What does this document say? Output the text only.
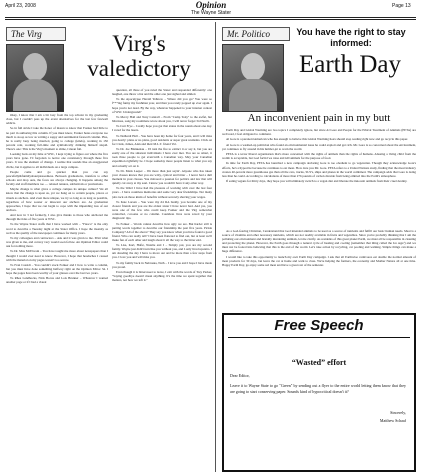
April 23, 2008	Opinion
The Wayne Stater
Page 13
The Virg	Virg's valedictory

Okay, I know that I am a bit lazy from the top scholar in my graduating class, but I couldn't pass up the event alternatives for the last few farewell addicts.

So in full stride I take the honor of maren to know that Fonker had little to no part in authoring this column. If you must know, Fonker hates everyone too much to stoop as low as writing a sappy and sentimental farewell column. Plus, he is really busy being married, going to college (kinda), working in 150 percent rent, working full-time and symbolically drinking himself stupid. There's one: This is the Virg's moment to shine, I mean fail.

Looking back on my time at WSC, I kept trying to figure out where the five years have gone. I'd forgotten to notice one consistency through these five years. It was the element of change. I realize that sounds like an exaggerated cliche, but it applies to all individuals on a large campus.

People come and go quicker than you can say peacefully&funnilyaboutpleasedness. Between graduations, transfers to other schools and drop outs, the faces are always changing. It happens among the faculty and staff members too — relaxed tenures, sabbaticals or promotions.

Maybe change is what gives a college campus its unique culture? We all know that the change is upon us, yet we hang on to certain people, places or rituals as anchors. And even more unique, we try so long as as long as possible, regardless of how sooner or innocent our anchors are. As graduation approaches, I hope that we can begin to cope with the impending loss of our anchors.

And now in 3 led formerly, I also give thanks to those who anchored me through the tides of five years at WSC.

To the Wayne Stater staffs that I have worked with – "Fiasco" is the only word to describe a Tuesday night at the Stater Office. I hope the insanity as well as the quality of the newspaper continues for many years.

To my colleagues and contractors – Ask and it was given to me. Print what was given to me, and convey very would soon follow. An Opinion Editor could ask for nothing more.

To Dr. Max McElwain – You have taught me more about newspapers than I thought I would ever need to know. However, I hope that headaches I caused with the material on my pages weren't too severe.

To Fran Cassidi – You couldn't stock Fonker and I how to write a column, but you must have done something halfway right on the Opinion Editor 34. I hope the pages have been worthy of your glasses over the last two years.

To Rhea Landhocks, Nick Bocus and Lois Brunner – Whatever I wanted another page or if I had a visual

question, all three of you ruled the Stater and responded differently: one laughed, one threw a hat and the other one just sighed and smiled.

To the Apocalypse Herald Yehnow – Where did you go? You were so f***ing funny my freshman year, and then you rarely popped up ever again. I hope you're not dead. By the way, whatever happened to your internet contest of WSC Underground?

To Mercy Hall and Tony Cantrell – From "Camp Tony" to the awful, but hilarious, song my roommate wrote about you, I will never forget 3rd North.

To Curt Frye – I really hope you got that status in the round-about one day. I voted for the lasers.

To Neihardt Hall – You have been my home for four years, and I will miss you dearly: plans or no plans, good residents or super great residents. Click on for Clark, James, Alan and their M.L.T. friend Val.

To Dr. Joe Blankenau – I'd turn the fire to extinct it or say it, but you are easily one of the smartest individuals I have ever met. You are so smart, it took three people to get even/with a Canadian way. May your Canadian expedition rightfully be. I hope someday more people listen to what you say and actually act on it.

To Dr. Mark Leeper – I'm more than just sayin'. Anyone who has taken your classes knows that you are witty, cynical and bitter – I never had a dull moment in your classes. You mirrored a passion for politics and law that will quietly cut away at my soul. I know you wouldn't have it any other way.

To the WAO I have had the pleasure of working with over the last four years – I have countless memories and some very dear friendships. Not many jobs tack on those kinds of benefits without severely shaving your wages.

To Kate Larsen – You were my #4 RA buddy, you became one of my closest friends and you are the oldest sister I have never had. And yes, you were one of the few who could keep Fonker and the Virg somewhat controlled, col-sane or no column. Countless lives were saved by your diagnostic tips.

To Fonker – Words cannot describe how ugly we are. But harder still is putting words together to describe our friendship the past five years. Pickle Company? All of the above? They say you know when you have found a good friend. Who can really tell? I have been flattered to find out, but at least we'll make fun of each other and laugh about it all the way to the bitter end.

To Lisa, Karl, Hafiz, Natalie and I – Simply put, you are my second family. Wayne just didn't turn like you without you, and I only lived upstairs. I am dreading the day I have to move out and be more than a few steps from you. I love you and will miss you.

To my family back in Nebraska, Neth – I love you and I hope I have made you proud.

Even though it is bittersweet to leave, I exit with the words of Trey Parker, "Saying goodbye doesn't mean anything. It's the time we spent together that matters, not how we left it."

Mr. Politico	You have the right to stay informed:
Earth Day
An inconvenient pain in my butt

Earth Day and Global Warming are two topics I completely ignore, but since Al Gore and People for the Ethical Treatment of Animals (PETA) are well read, I feel obligated to comment.

Al Gore is a paranoid American who has enough to believe this Global Warming hoax should stop reading right now and go recycle this paper.

Al Gore is a washed-up politician who found an environmental issue he could exploit and get rich. Mr. Gore is so concerned about the environment, yet continues to fly around in his lumber-jet to warn the world.

PETA is a terror liberal organization that's more concerned with the rights of animals than the rights of humans. Abusing a living child from the womb is acceptable, but God forbid we raise and kill animals for the purpose of food.

In time for Earth Day, PETA has launched a new campaign declaring Gore is too obedient to go vegetarian. Though they acknowledge Gore's efforts, he's a hypocrite because he continues to eat meat. How dare you Mr. Gore. PETA refers to a United Nations study, finding that the meat industry creates 40-percent more greenhouse gas than all the cars, trucks, SUVs, ships and planes in the world combined. The campaign adds that Gore is doing less than he could. According to calculations of more than 276 pounds of carbon dioxide from being emitted into the Earth's atmosphere.

If eating vegans for thirty days, they hope you will ultimately switch to a vegan diet and liberate the innocent animals from their cruel destiny.

As a God-fearing Christian, I understand that God intended animals to be used as a source of nutrients and fulfill our basic human needs. Meat is a source of vitamins and other necessary nutrients, which are not readily available in fruits and vegetables. Since you're probably thinking that I am the polluting our environment and brutally murdering animals, let me clarify. As residents of this great planet Earth, we must all be responsible in cleaning and protecting the planet. However, the Earth goes through a natural cycle of heating and cooling (remember that thing called the Ice Age?) and we must not be fooled into believing that this is the end of the world. Let's take action by recycling, car pooling and walking. Simple things can make a huge difference.

I would like to take this opportunity to launch my own Earth Day campaign. I ask that all Earthwise carnivores eat double the normal amount of meat products for 30 days, but leave the car at home and walk to class. We're helping the farmers, the economy and Mother Nature all at one time. Happy Earth Day, go enjoy some red meat and have a great rest of the semester.

Free Speech
“Wasted” effort
Dear Editor,
Leave it to Wayne State to go "Green" by sending out a flyer to the entire world letting them know that they are going to start conserving paper. Sounds kind of hypocritical doesn't it?
Sincerely,
Matthew Schaaf
